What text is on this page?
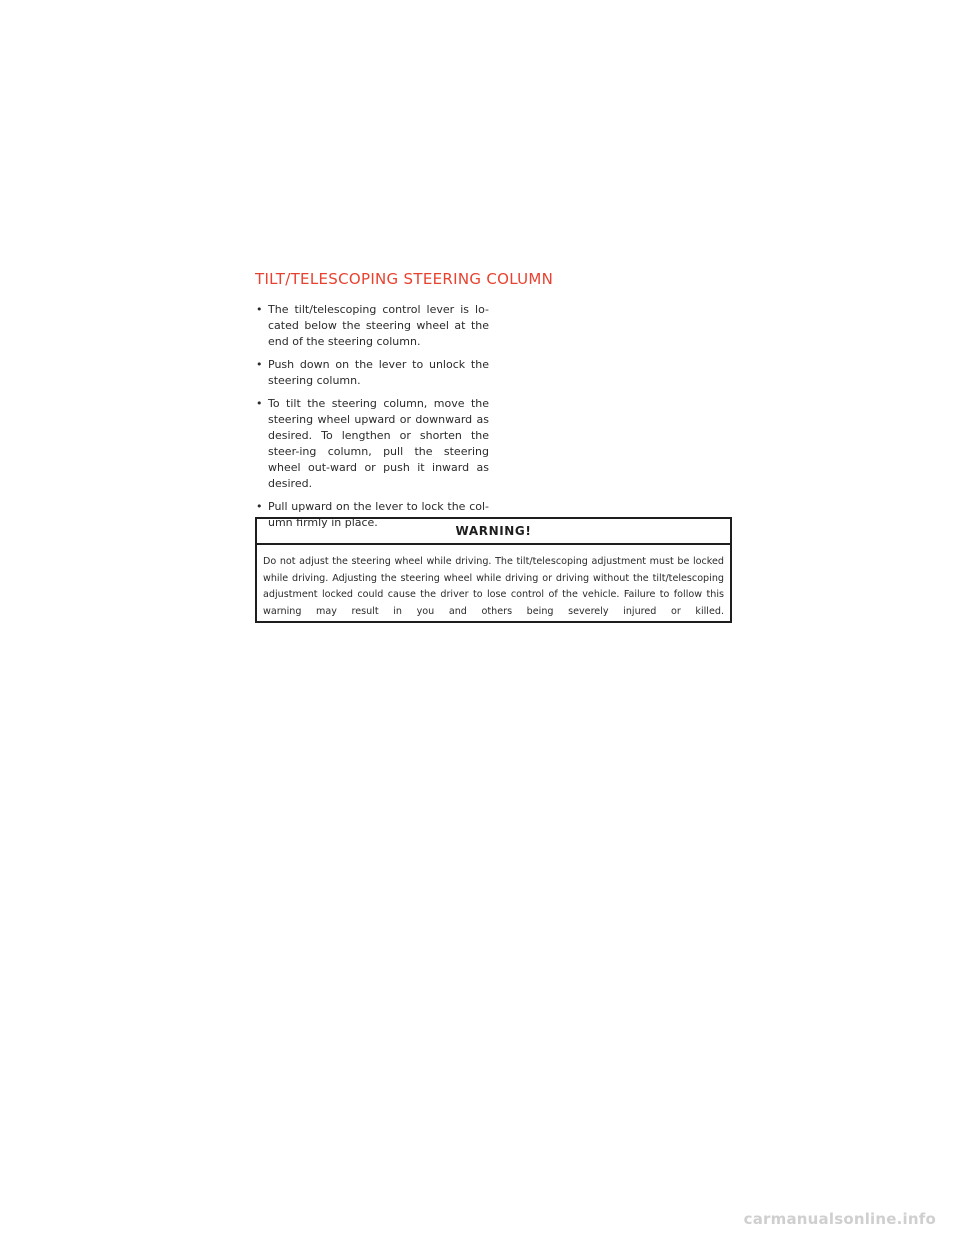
TILT/TELESCOPING STEERING COLUMN
• The tilt/telescoping control lever is lo-cated below the steering wheel at the end of the steering column.
• Push down on the lever to unlock the steering column.
• To tilt the steering column, move the steering wheel upward or downward as desired. To lengthen or shorten the steer-ing column, pull the steering wheel out-ward or push it inward as desired.
• Pull upward on the lever to lock the col-umn firmly in place.
WARNING!
Do not adjust the steering wheel while driving. The tilt/telescoping adjustment must be locked while driving. Adjusting the steering wheel while driving or driving without the tilt/telescoping adjustment locked could cause the driver to lose control of the vehicle. Failure to follow this warning may result in you and others being severely injured or killed.
carmanualsonline.info
